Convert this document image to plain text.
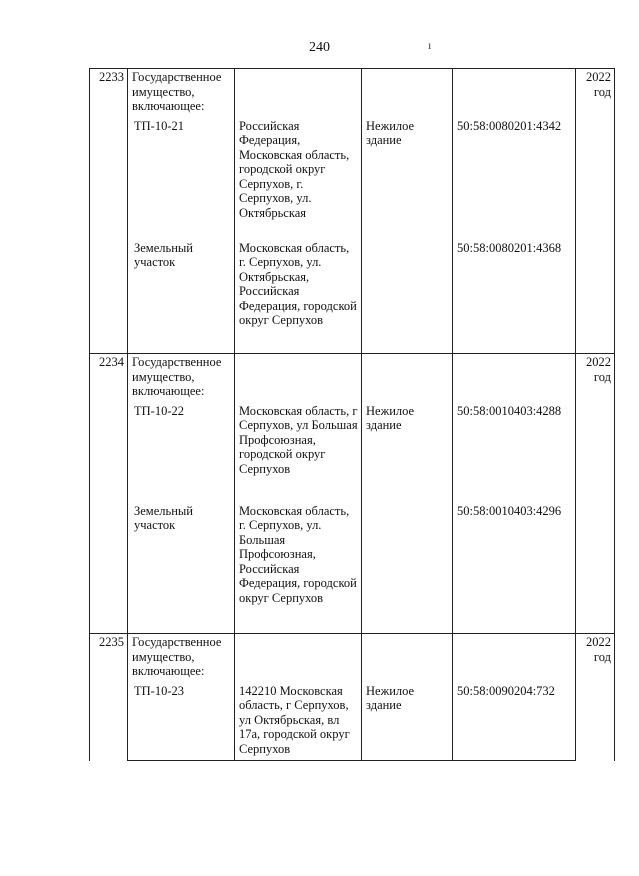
240	ı
2233	Государственное имущество, включающее:				2022 год
	ТП-10-21	Российская Федерация, Московская область, городской округ Серпухов, г. Серпухов, ул. Октябрьская	Нежилое здание	50:58:0080201:4342	
	Земельный участок	Московская область, г. Серпухов, ул. Октябрьская, Российская Федерация, городской округ Серпухов		50:58:0080201:4368	
2234	Государственное имущество, включающее:				2022 год
	ТП-10-22	Московская область, г Серпухов, ул Большая Профсоюзная, городской округ Серпухов	Нежилое здание	50:58:0010403:4288	
	Земельный участок	Московская область, г. Серпухов, ул. Большая Профсоюзная, Российская Федерация, городской округ Серпухов		50:58:0010403:4296	
2235	Государственное имущество, включающее:				2022 год
	ТП-10-23	142210 Московская область, г Серпухов, ул Октябрьская, вл 17а, городской округ Серпухов	Нежилое здание	50:58:0090204:732	
